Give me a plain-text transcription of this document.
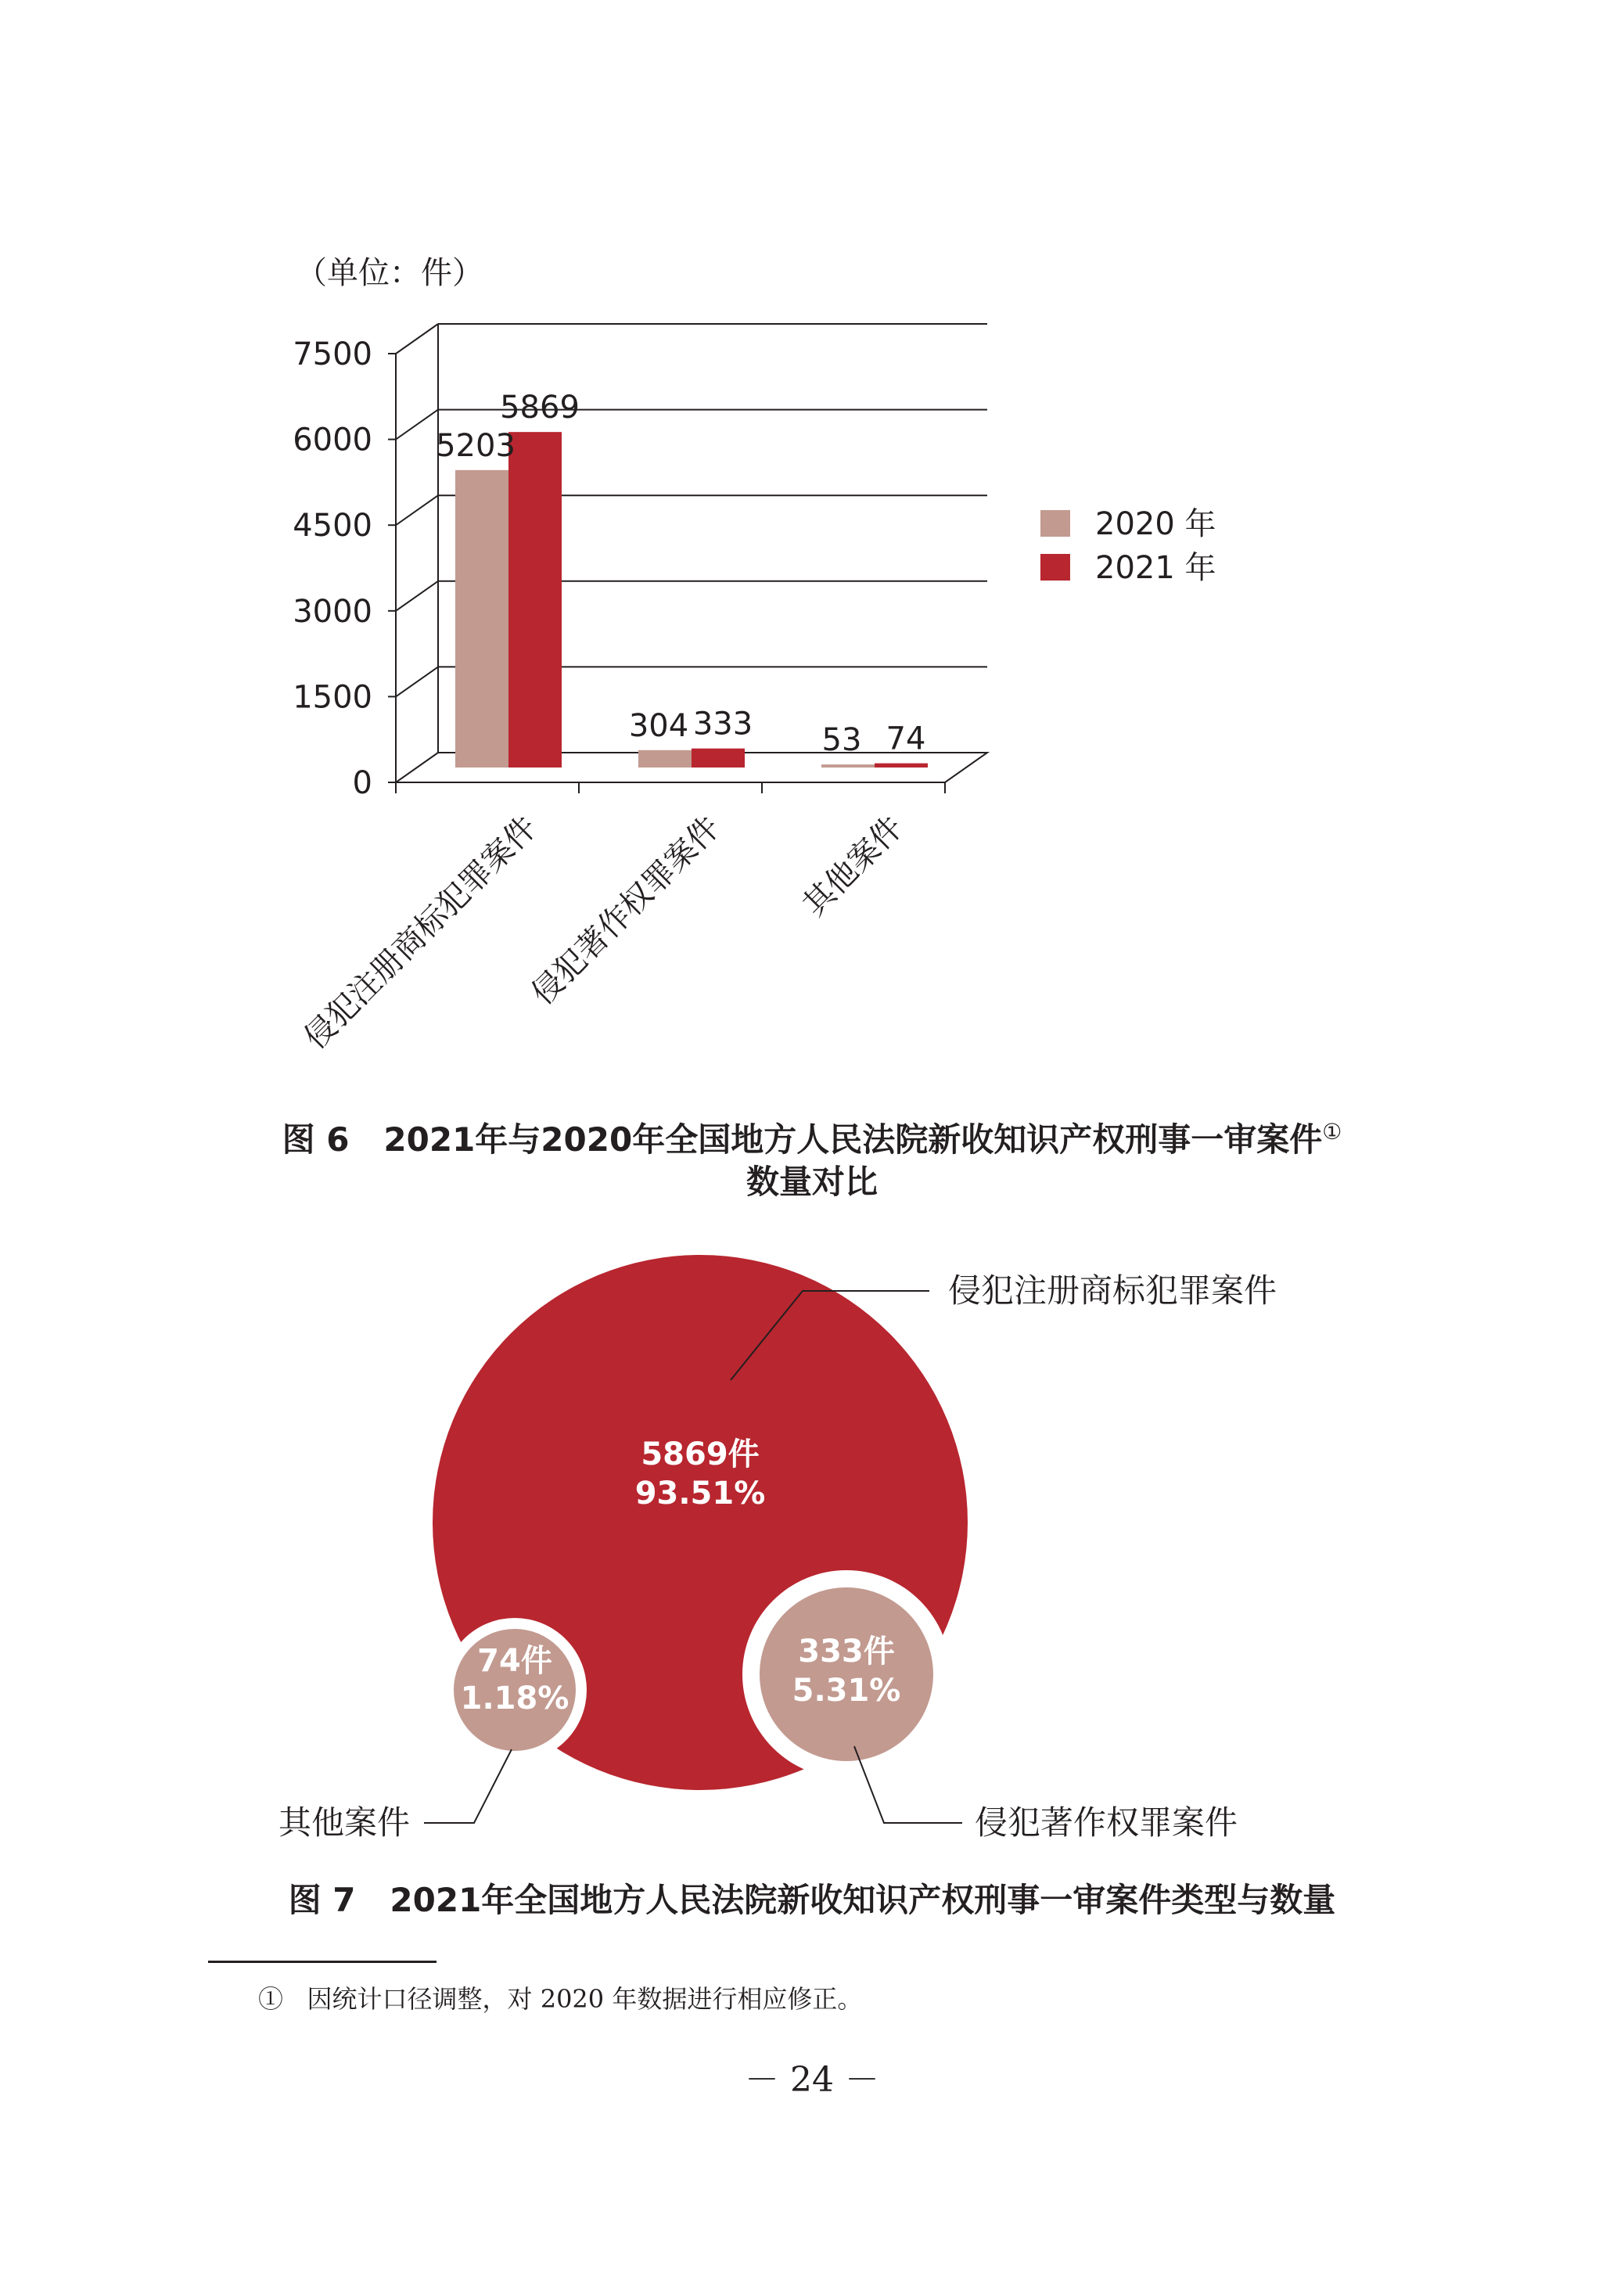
（单位：件）
0
1500
3000
4500
6000
7500
5203
5869
304 333 53 74
侵犯注册商标犯罪案件
侵犯著作权罪案件 其他案件
2020 年
2021 年
5869件
93.51%
333件
5.31%
74件
1.18%
侵犯注册商标犯罪案件
侵犯著作权罪案件
其他案件
图 6 2021年与2020年全国地方人民法院新收知识产权刑事一审案件①
数量对比
图 7 2021年全国地方人民法院新收知识产权刑事一审案件类型与数量
① 因统计口径调整，对 2020 年数据进行相应修正。
－ 24 －
